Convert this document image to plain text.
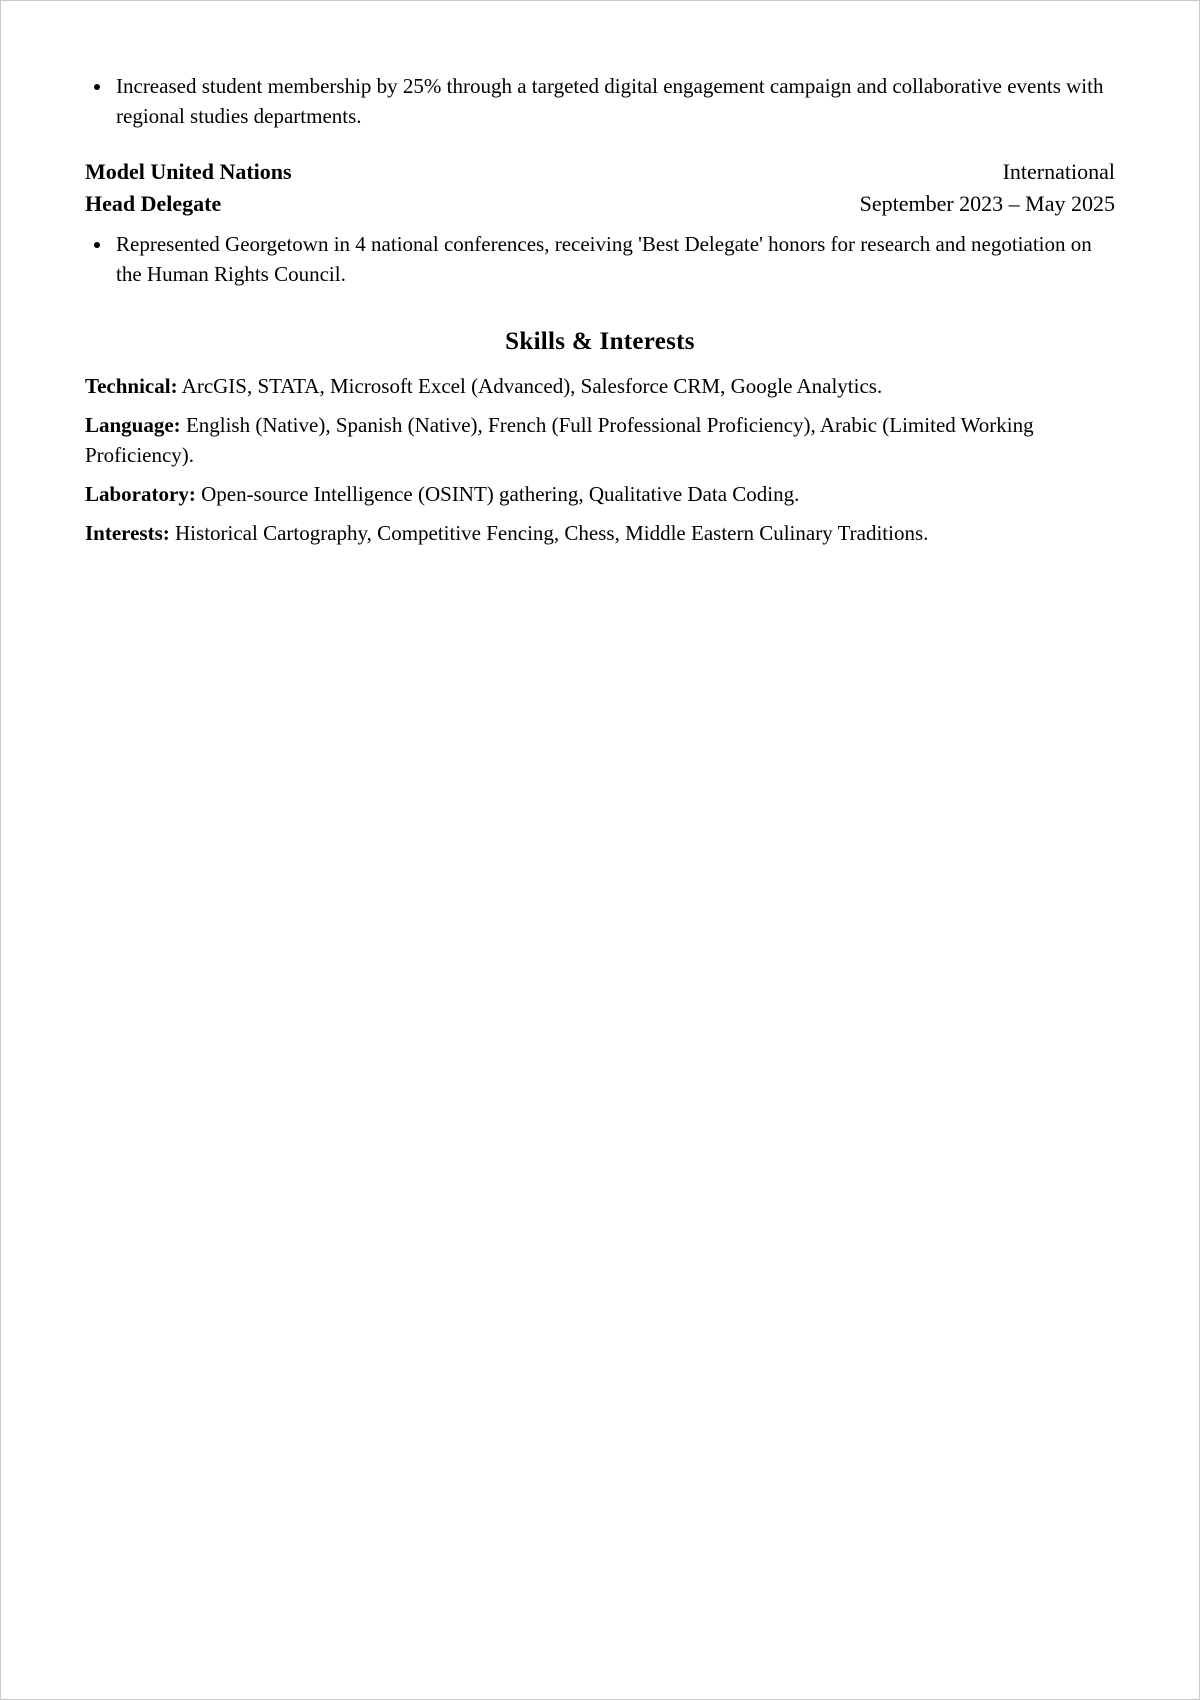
Increased student membership by 25% through a targeted digital engagement campaign and collaborative events with regional studies departments.
Model United Nations	International
Head Delegate	September 2023 – May 2025
Represented Georgetown in 4 national conferences, receiving 'Best Delegate' honors for research and negotiation on the Human Rights Council.
Skills & Interests
Technical: ArcGIS, STATA, Microsoft Excel (Advanced), Salesforce CRM, Google Analytics.
Language: English (Native), Spanish (Native), French (Full Professional Proficiency), Arabic (Limited Working Proficiency).
Laboratory: Open-source Intelligence (OSINT) gathering, Qualitative Data Coding.
Interests: Historical Cartography, Competitive Fencing, Chess, Middle Eastern Culinary Traditions.
